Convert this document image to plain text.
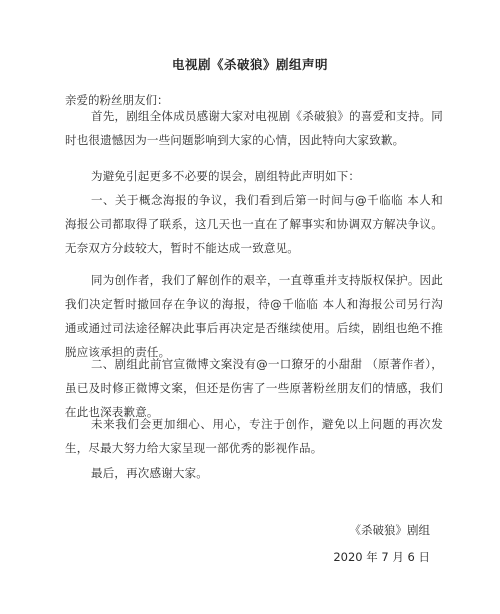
电视剧《杀破狼》剧组声明
亲爱的粉丝朋友们：

首先，剧组全体成员感谢大家对电视剧《杀破狼》的喜爱和支持。同时也很遗憾因为一些问题影响到大家的心情，因此特向大家致歉。

为避免引起更多不必要的误会，剧组特此声明如下：

一、关于概念海报的争议，我们看到后第一时间与@千临临 本人和海报公司都取得了联系，这几天也一直在了解事实和协调双方解决争议。无奈双方分歧较大，暂时不能达成一致意见。

同为创作者，我们了解创作的艰辛，一直尊重并支持版权保护。因此我们决定暂时撤回存在争议的海报，待@千临临 本人和海报公司另行沟通或通过司法途径解决此事后再决定是否继续使用。后续，剧组也绝不推脱应该承担的责任。

二、剧组此前官宣微博文案没有@一口獠牙的小甜甜 （原著作者），虽已及时修正微博文案，但还是伤害了一些原著粉丝朋友们的情感，我们在此也深表歉意。

未来我们会更加细心、用心，专注于创作，避免以上问题的再次发生，尽最大努力给大家呈现一部优秀的影视作品。

最后，再次感谢大家。

《杀破狼》剧组
2020 年 7 月 6 日
